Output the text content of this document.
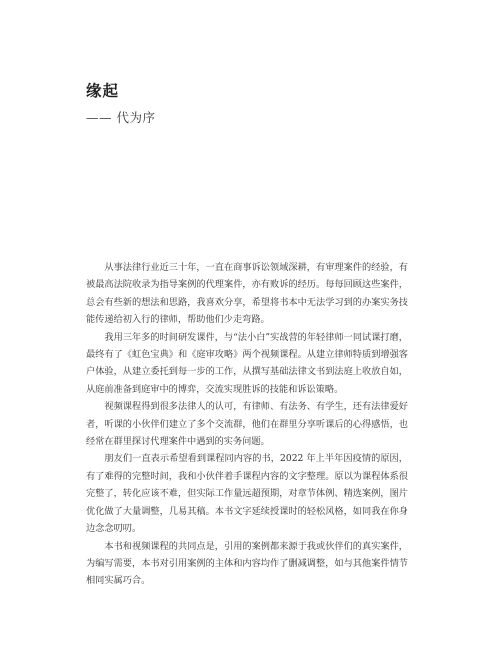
缘起

—— 代为序

从事法律行业近三十年，一直在商事诉讼领域深耕，有审理案件的经验，有被最高法院收录为指导案例的代理案件，亦有败诉的经历。每每回顾这些案件，总会有些新的想法和思路，我喜欢分享，希望将书本中无法学习到的办案实务技能传递给初入行的律师，帮助他们少走弯路。

我用三年多的时间研发课件，与“法小白”实战营的年轻律师一同试课打磨，最终有了《虹色宝典》和《庭审攻略》两个视频课程。从建立律师特质到增强客户体验，从建立委托到每一步的工作，从撰写基础法律文书到法庭上收放自如，从庭前准备到庭审中的博弈，交流实现胜诉的技能和诉讼策略。

视频课程得到很多法律人的认可，有律师、有法务、有学生，还有法律爱好者，听课的小伙伴们建立了多个交流群，他们在群里分享听课后的心得感悟，也经常在群里探讨代理案件中遇到的实务问题。

朋友们一直表示希望看到课程同内容的书，2022 年上半年因疫情的原因，有了难得的完整时间，我和小伙伴着手课程内容的文字整理。原以为课程体系很完整了，转化应该不难，但实际工作量远超预期，对章节体例、精选案例，图片优化做了大量调整，几易其稿。本书文字延续授课时的轻松风格，如同我在你身边念念叨叨。

本书和视频课程的共同点是，引用的案例都来源于我或伙伴们的真实案件，为编写需要，本书对引用案例的主体和内容均作了删减调整，如与其他案件情节相同实属巧合。
